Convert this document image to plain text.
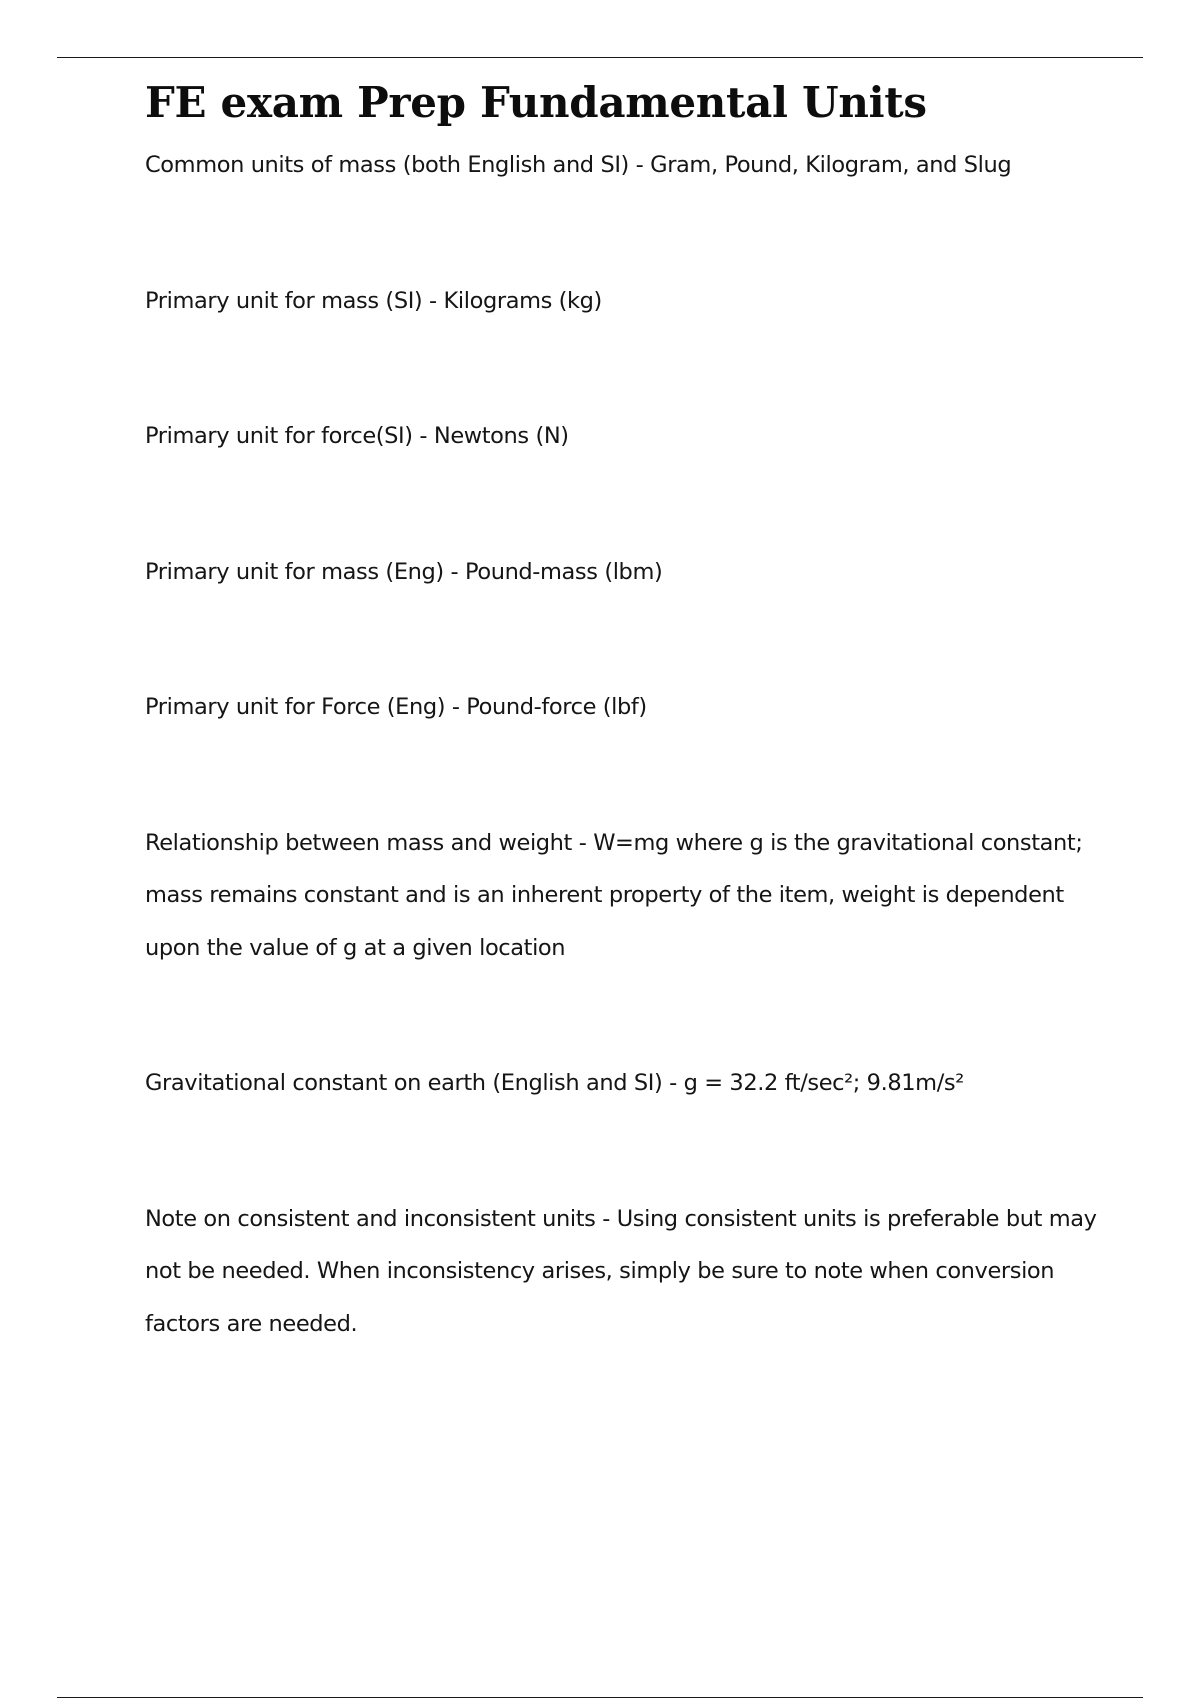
FE exam Prep Fundamental Units

Common units of mass (both English and SI) - Gram, Pound, Kilogram, and Slug

Primary unit for mass (SI) - Kilograms (kg)

Primary unit for force(SI) - Newtons (N)

Primary unit for mass (Eng) - Pound-mass (lbm)

Primary unit for Force (Eng) - Pound-force (lbf)

Relationship between mass and weight - W=mg where g is the gravitational constant; mass remains constant and is an inherent property of the item, weight is dependent upon the value of g at a given location

Gravitational constant on earth (English and SI) - g = 32.2 ft/sec²; 9.81m/s²

Note on consistent and inconsistent units - Using consistent units is preferable but may not be needed. When inconsistency arises, simply be sure to note when conversion factors are needed.
